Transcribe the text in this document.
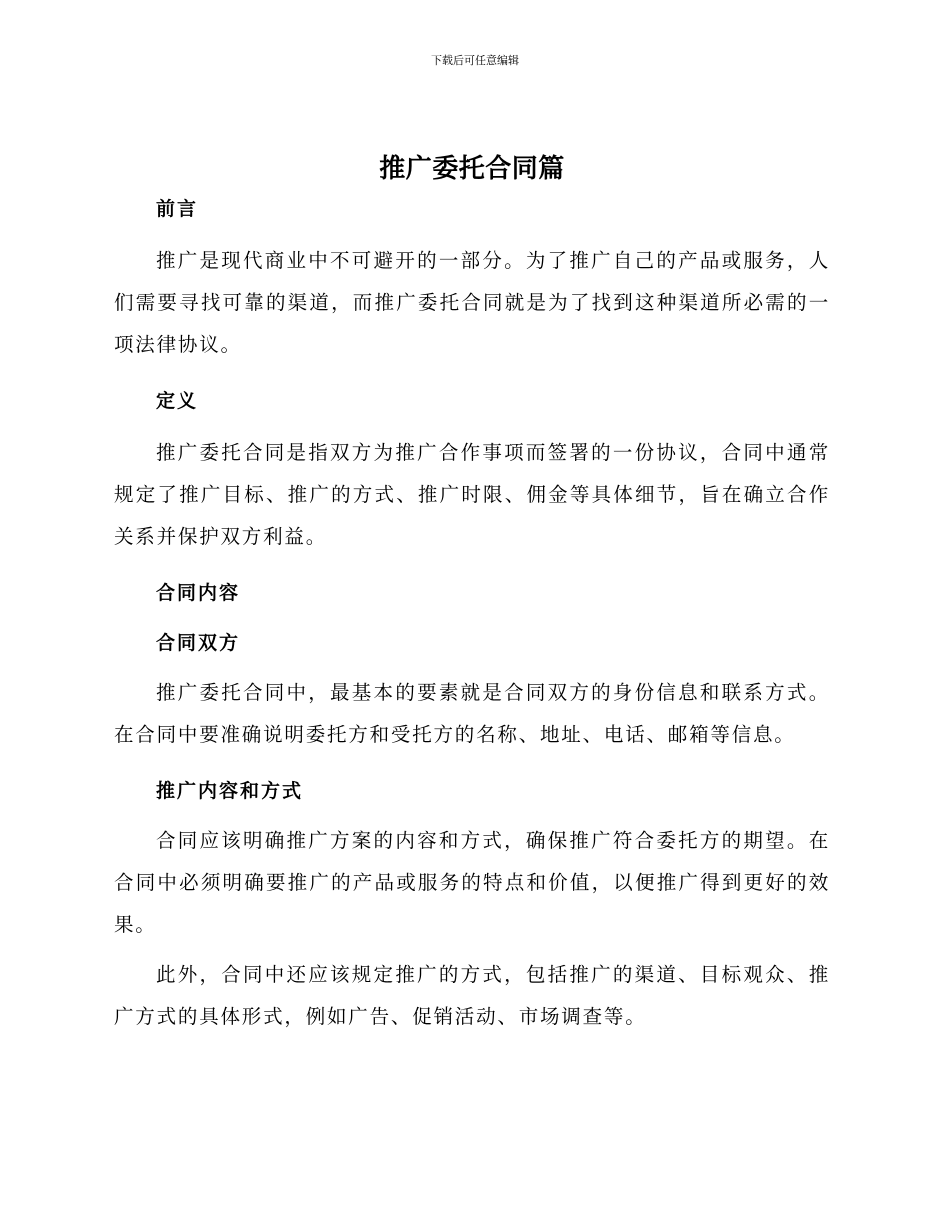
下载后可任意编辑
推广委托合同篇
前言

推广是现代商业中不可避开的一部分。为了推广自己的产品或服务，人们需要寻找可靠的渠道，而推广委托合同就是为了找到这种渠道所必需的一项法律协议。

定义

推广委托合同是指双方为推广合作事项而签署的一份协议，合同中通常规定了推广目标、推广的方式、推广时限、佣金等具体细节，旨在确立合作关系并保护双方利益。

合同内容
合同双方

推广委托合同中，最基本的要素就是合同双方的身份信息和联系方式。在合同中要准确说明委托方和受托方的名称、地址、电话、邮箱等信息。

推广内容和方式

合同应该明确推广方案的内容和方式，确保推广符合委托方的期望。在合同中必须明确要推广的产品或服务的特点和价值，以便推广得到更好的效果。

此外，合同中还应该规定推广的方式，包括推广的渠道、目标观众、推广方式的具体形式，例如广告、促销活动、市场调查等。
